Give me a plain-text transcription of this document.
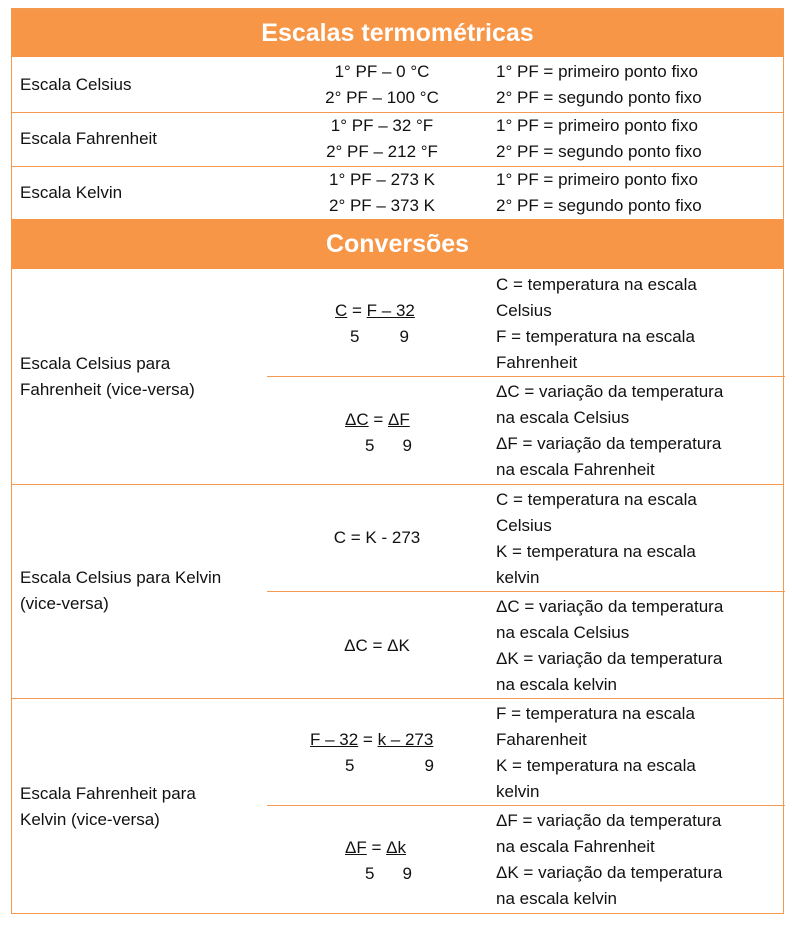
Escalas termométricas
Escala Celsius
1° PF – 0 °C
2° PF – 100 °C
1° PF = primeiro ponto fixo
2° PF = segundo ponto fixo
Escala Fahrenheit
1° PF – 32 °F
2° PF – 212 °F
1° PF = primeiro ponto fixo
2° PF = segundo ponto fixo
Escala Kelvin
1° PF – 273 K
2° PF – 373 K
1° PF = primeiro ponto fixo
2° PF = segundo ponto fixo
Conversões
Escala Celsius para
Fahrenheit (vice-versa)
C = F – 32
5 9
C = temperatura na escala
Celsius
F = temperatura na escala
Fahrenheit
ΔC = ΔF
5 9
ΔC = variação da temperatura
na escala Celsius
ΔF = variação da temperatura
na escala Fahrenheit
Escala Celsius para Kelvin
(vice-versa)
C = K - 273
C = temperatura na escala
Celsius
K = temperatura na escala
kelvin
ΔC = ΔK
ΔC = variação da temperatura
na escala Celsius
ΔK = variação da temperatura
na escala kelvin
Escala Fahrenheit para
Kelvin (vice-versa)
F – 32 = k – 273
5	9
F = temperatura na escala
Faharenheit
K = temperatura na escala
kelvin
ΔF = Δk
5 9
ΔF = variação da temperatura
na escala Fahrenheit
ΔK = variação da temperatura
na escala kelvin
